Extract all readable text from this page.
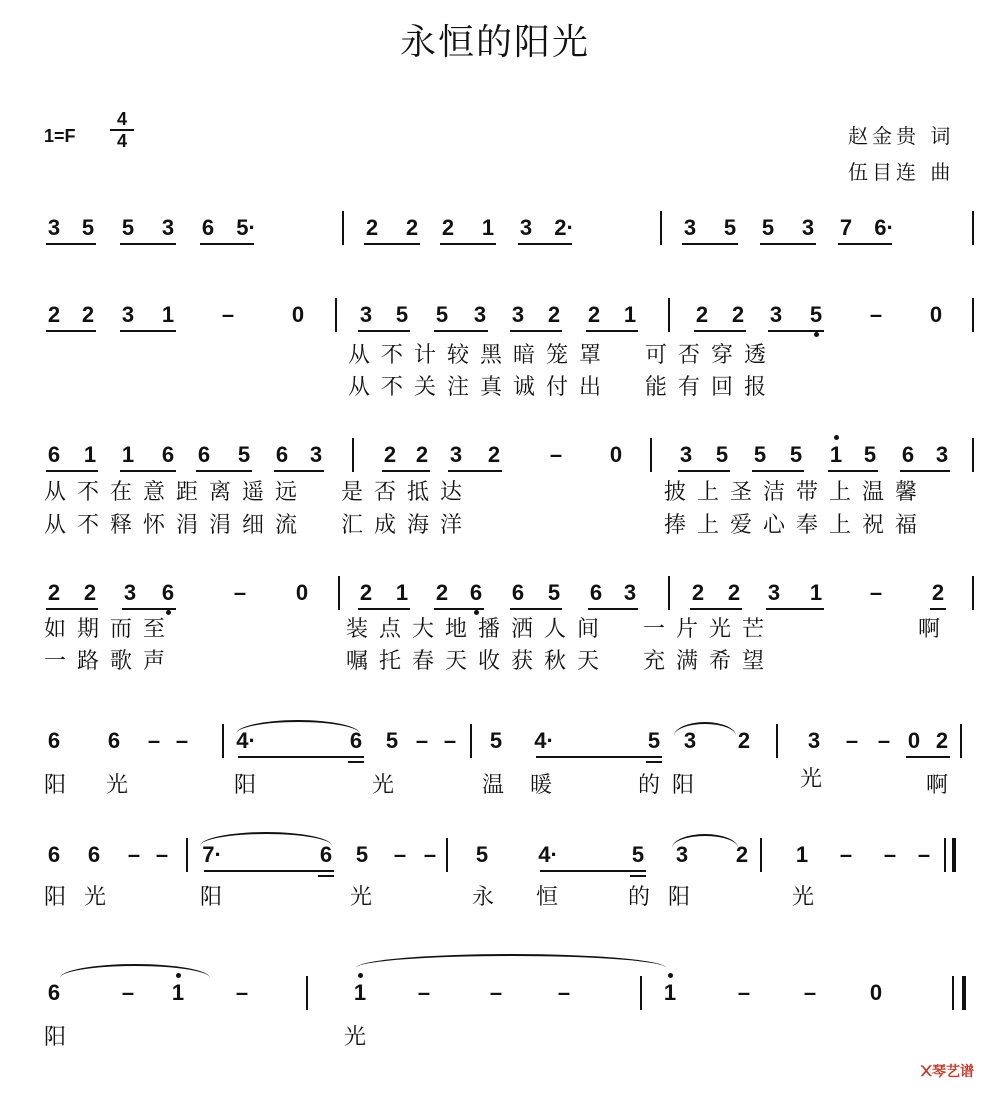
永恒的阳光
1=F
4
4	赵金贵 词
伍目连 曲
3 5 5 3 6 5·	2 2 2 1 3 2·	3 5 5 3 7 6·
2 2 3 1 –	0	3 5 5 3 3 2 2 1	2 2 3 5 – 0
从不计较黑暗笼罩　可否穿透
从不关注真诚付出　能有回报
6 1 1 6 6 5 6 3	2 2 3 2 – 0	3 5 5 5 1 5 6 3
从不在意距离遥远　是否抵达	披上圣洁带上温馨
从不释怀涓涓细流　汇成海洋	捧上爱心奉上祝福
2 2 3 6	– 0 2 1 2 6 6 5 6 3	2 2 3 1 – 2
如期而至	装点大地播洒人间　一片光芒	啊
一路歌声	嘱托春天收获秋天　充满希望
6 6 – – 4·	6 5 – – 5 4·	5 3 2	3 – – 0 2
阳 光	阳	光	温 暖	的 阳	光	啊
6 6 – – 7·	6 5 – – 5 4·	5 3 2 1 – – –
阳 光	阳	光	永 恒	的 阳	光
6	– 1 –	1 –	–	–	1	– – 0
阳	光
᙭琴艺谱
